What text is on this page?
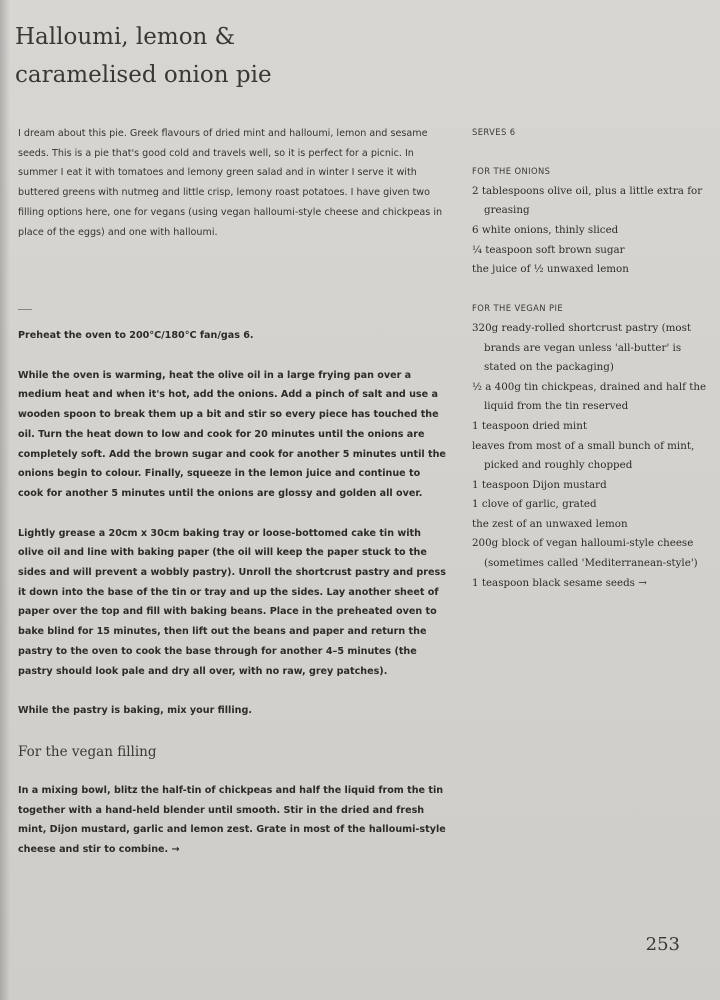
Halloumi, lemon &
caramelised onion pie

I dream about this pie. Greek flavours of dried mint and halloumi, lemon and sesame seeds. This is a pie that's good cold and travels well, so it is perfect for a picnic. In summer I eat it with tomatoes and lemony green salad and in winter I serve it with buttered greens with nutmeg and little crisp, lemony roast potatoes. I have given two filling options here, one for vegans (using vegan halloumi-style cheese and chickpeas in place of the eggs) and one with halloumi.

Preheat the oven to 200°C/180°C fan/gas 6.

While the oven is warming, heat the olive oil in a large frying pan over a medium heat and when it's hot, add the onions. Add a pinch of salt and use a wooden spoon to break them up a bit and stir so every piece has touched the oil. Turn the heat down to low and cook for 20 minutes until the onions are completely soft. Add the brown sugar and cook for another 5 minutes until the onions begin to colour. Finally, squeeze in the lemon juice and continue to cook for another 5 minutes until the onions are glossy and golden all over.

Lightly grease a 20cm x 30cm baking tray or loose-bottomed cake tin with olive oil and line with baking paper (the oil will keep the paper stuck to the sides and will prevent a wobbly pastry). Unroll the shortcrust pastry and press it down into the base of the tin or tray and up the sides. Lay another sheet of paper over the top and fill with baking beans. Place in the preheated oven to bake blind for 15 minutes, then lift out the beans and paper and return the pastry to the oven to cook the base through for another 4–5 minutes (the pastry should look pale and dry all over, with no raw, grey patches).

While the pastry is baking, mix your filling.

For the vegan filling

In a mixing bowl, blitz the half-tin of chickpeas and half the liquid from the tin together with a hand-held blender until smooth. Stir in the dried and fresh mint, Dijon mustard, garlic and lemon zest. Grate in most of the halloumi-style cheese and stir to combine. →

SERVES 6
FOR THE ONIONS
2 tablespoons olive oil, plus a little extra for greasing
6 white onions, thinly sliced
¼ teaspoon soft brown sugar
the juice of ½ unwaxed lemon
FOR THE VEGAN PIE
320g ready-rolled shortcrust pastry (most brands are vegan unless 'all-butter' is stated on the packaging)
½ a 400g tin chickpeas, drained and half the liquid from the tin reserved
1 teaspoon dried mint
leaves from most of a small bunch of mint, picked and roughly chopped
1 teaspoon Dijon mustard
1 clove of garlic, grated
the zest of an unwaxed lemon
200g block of vegan halloumi-style cheese (sometimes called 'Mediterranean-style')
1 teaspoon black sesame seeds →
253
